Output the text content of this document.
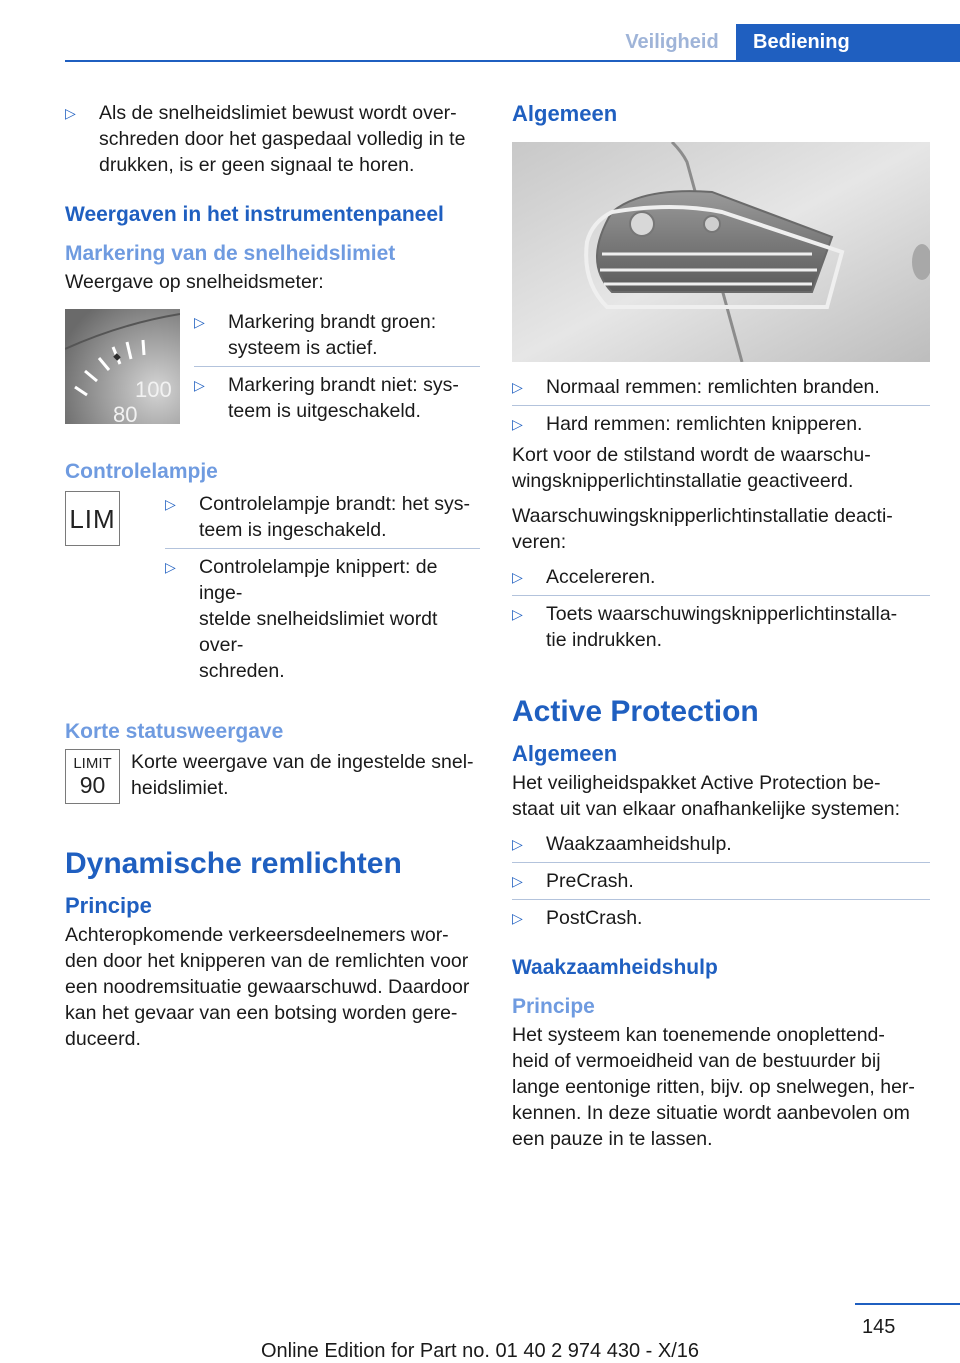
Veiligheid	Bediening
▷ Als de snelheidslimiet bewust wordt over-
schreden door het gaspedaal volledig in te
drukken, is er geen signaal te horen.
Weergaven in het instrumentenpaneel
Markering van de snelheidslimiet

Weergave op snelheidsmeter:

100
80
▷ Markering brandt groen:
systeem is actief.
▷ Markering brandt niet: sys-
teem is uitgeschakeld.
Controlelampje
LIM
▷	Controlelampje brandt: het sys-
teem is ingeschakeld.
▷ Controlelampje knippert: de inge-
stelde snelheidslimiet wordt over-
schreden.
Korte statusweergave
LIMIT
90
Korte weergave van de ingestelde snel-
heidslimiet.
Dynamische remlichten
Principe
Achteropkomende verkeersdeelnemers wor-
den door het knipperen van de remlichten voor
een noodremsituatie gewaarschuwd. Daardoor
kan het gevaar van een botsing worden gere-
duceerd.
Algemeen
▷ Normaal remmen: remlichten branden.
▷ Hard remmen: remlichten knipperen.

Kort voor de stilstand wordt de waarschu-
wingsknipperlichtinstallatie geactiveerd.

Waarschuwingsknipperlichtinstallatie deacti-
veren:

▷ Accelereren.
▷ Toets waarschuwingsknipperlichtinstalla-
tie indrukken.
Active Protection
Algemeen

Het veiligheidspakket Active Protection be-
staat uit van elkaar onafhankelijke systemen:

▷ Waakzaamheidshulp.
▷ PreCrash.
▷ PostCrash.
Waakzaamheidshulp
Principe
Het systeem kan toenemende onoplettend-
heid of vermoeidheid van de bestuurder bij
lange eentonige ritten, bijv. op snelwegen, her-
kennen. In deze situatie wordt aanbevolen om
een pauze in te lassen.
145
Online Edition for Part no. 01 40 2 974 430 - X/16
